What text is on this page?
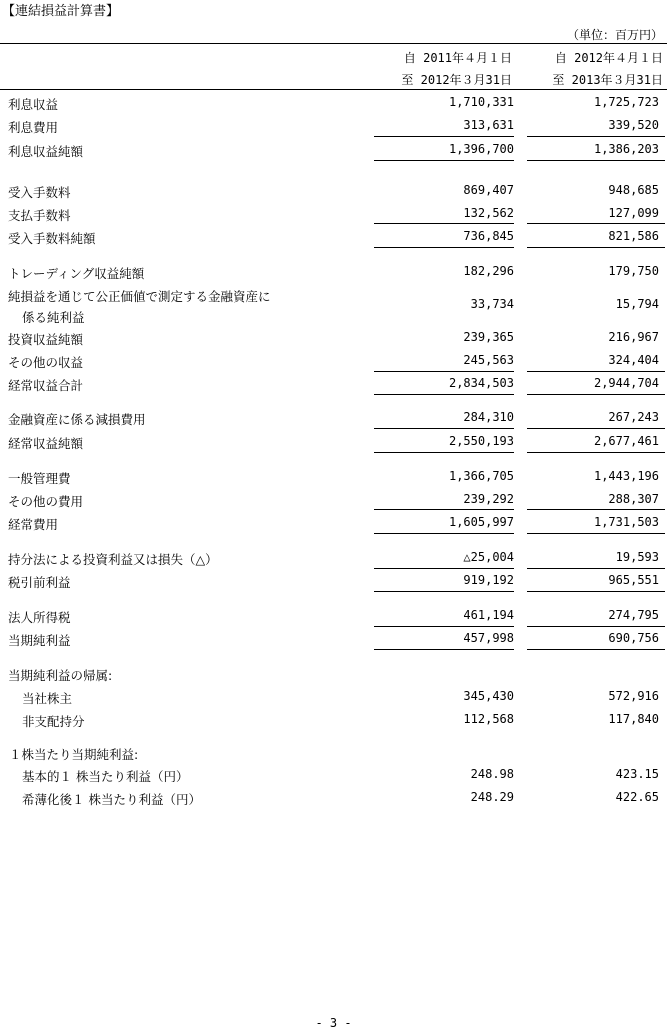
【連結損益計算書】
（単位：百万円）
自 2011年４月１日
至 2012年３月31日
自 2012年４月１日
至 2013年３月31日
利息収益	1,710,331	1,725,723
利息費用	313,631	339,520
利息収益純額	1,396,700	1,386,203
受入手数料	869,407	948,685
支払手数料	132,562	127,099
受入手数料純額	736,845	821,586
トレーディング収益純額	182,296	179,750
純損益を通じて公正価値で測定する金融資産に
係る純利益
33,734	15,794
投資収益純額	239,365	216,967
その他の収益	245,563	324,404
経常収益合計	2,834,503	2,944,704
金融資産に係る減損費用	284,310	267,243
経常収益純額	2,550,193	2,677,461
一般管理費	1,366,705	1,443,196
その他の費用	239,292	288,307
経常費用	1,605,997	1,731,503
持分法による投資利益又は損失（△）	△25,004	19,593
税引前利益	919,192	965,551
法人所得税	461,194	274,795
当期純利益	457,998	690,756
当期純利益の帰属:
当社株主	345,430	572,916
非支配持分	112,568	117,840
１株当たり当期純利益:
基本的１ 株当たり利益（円）	248.98	423.15
希薄化後１ 株当たり利益（円）	248.29	422.65
- 3 -
